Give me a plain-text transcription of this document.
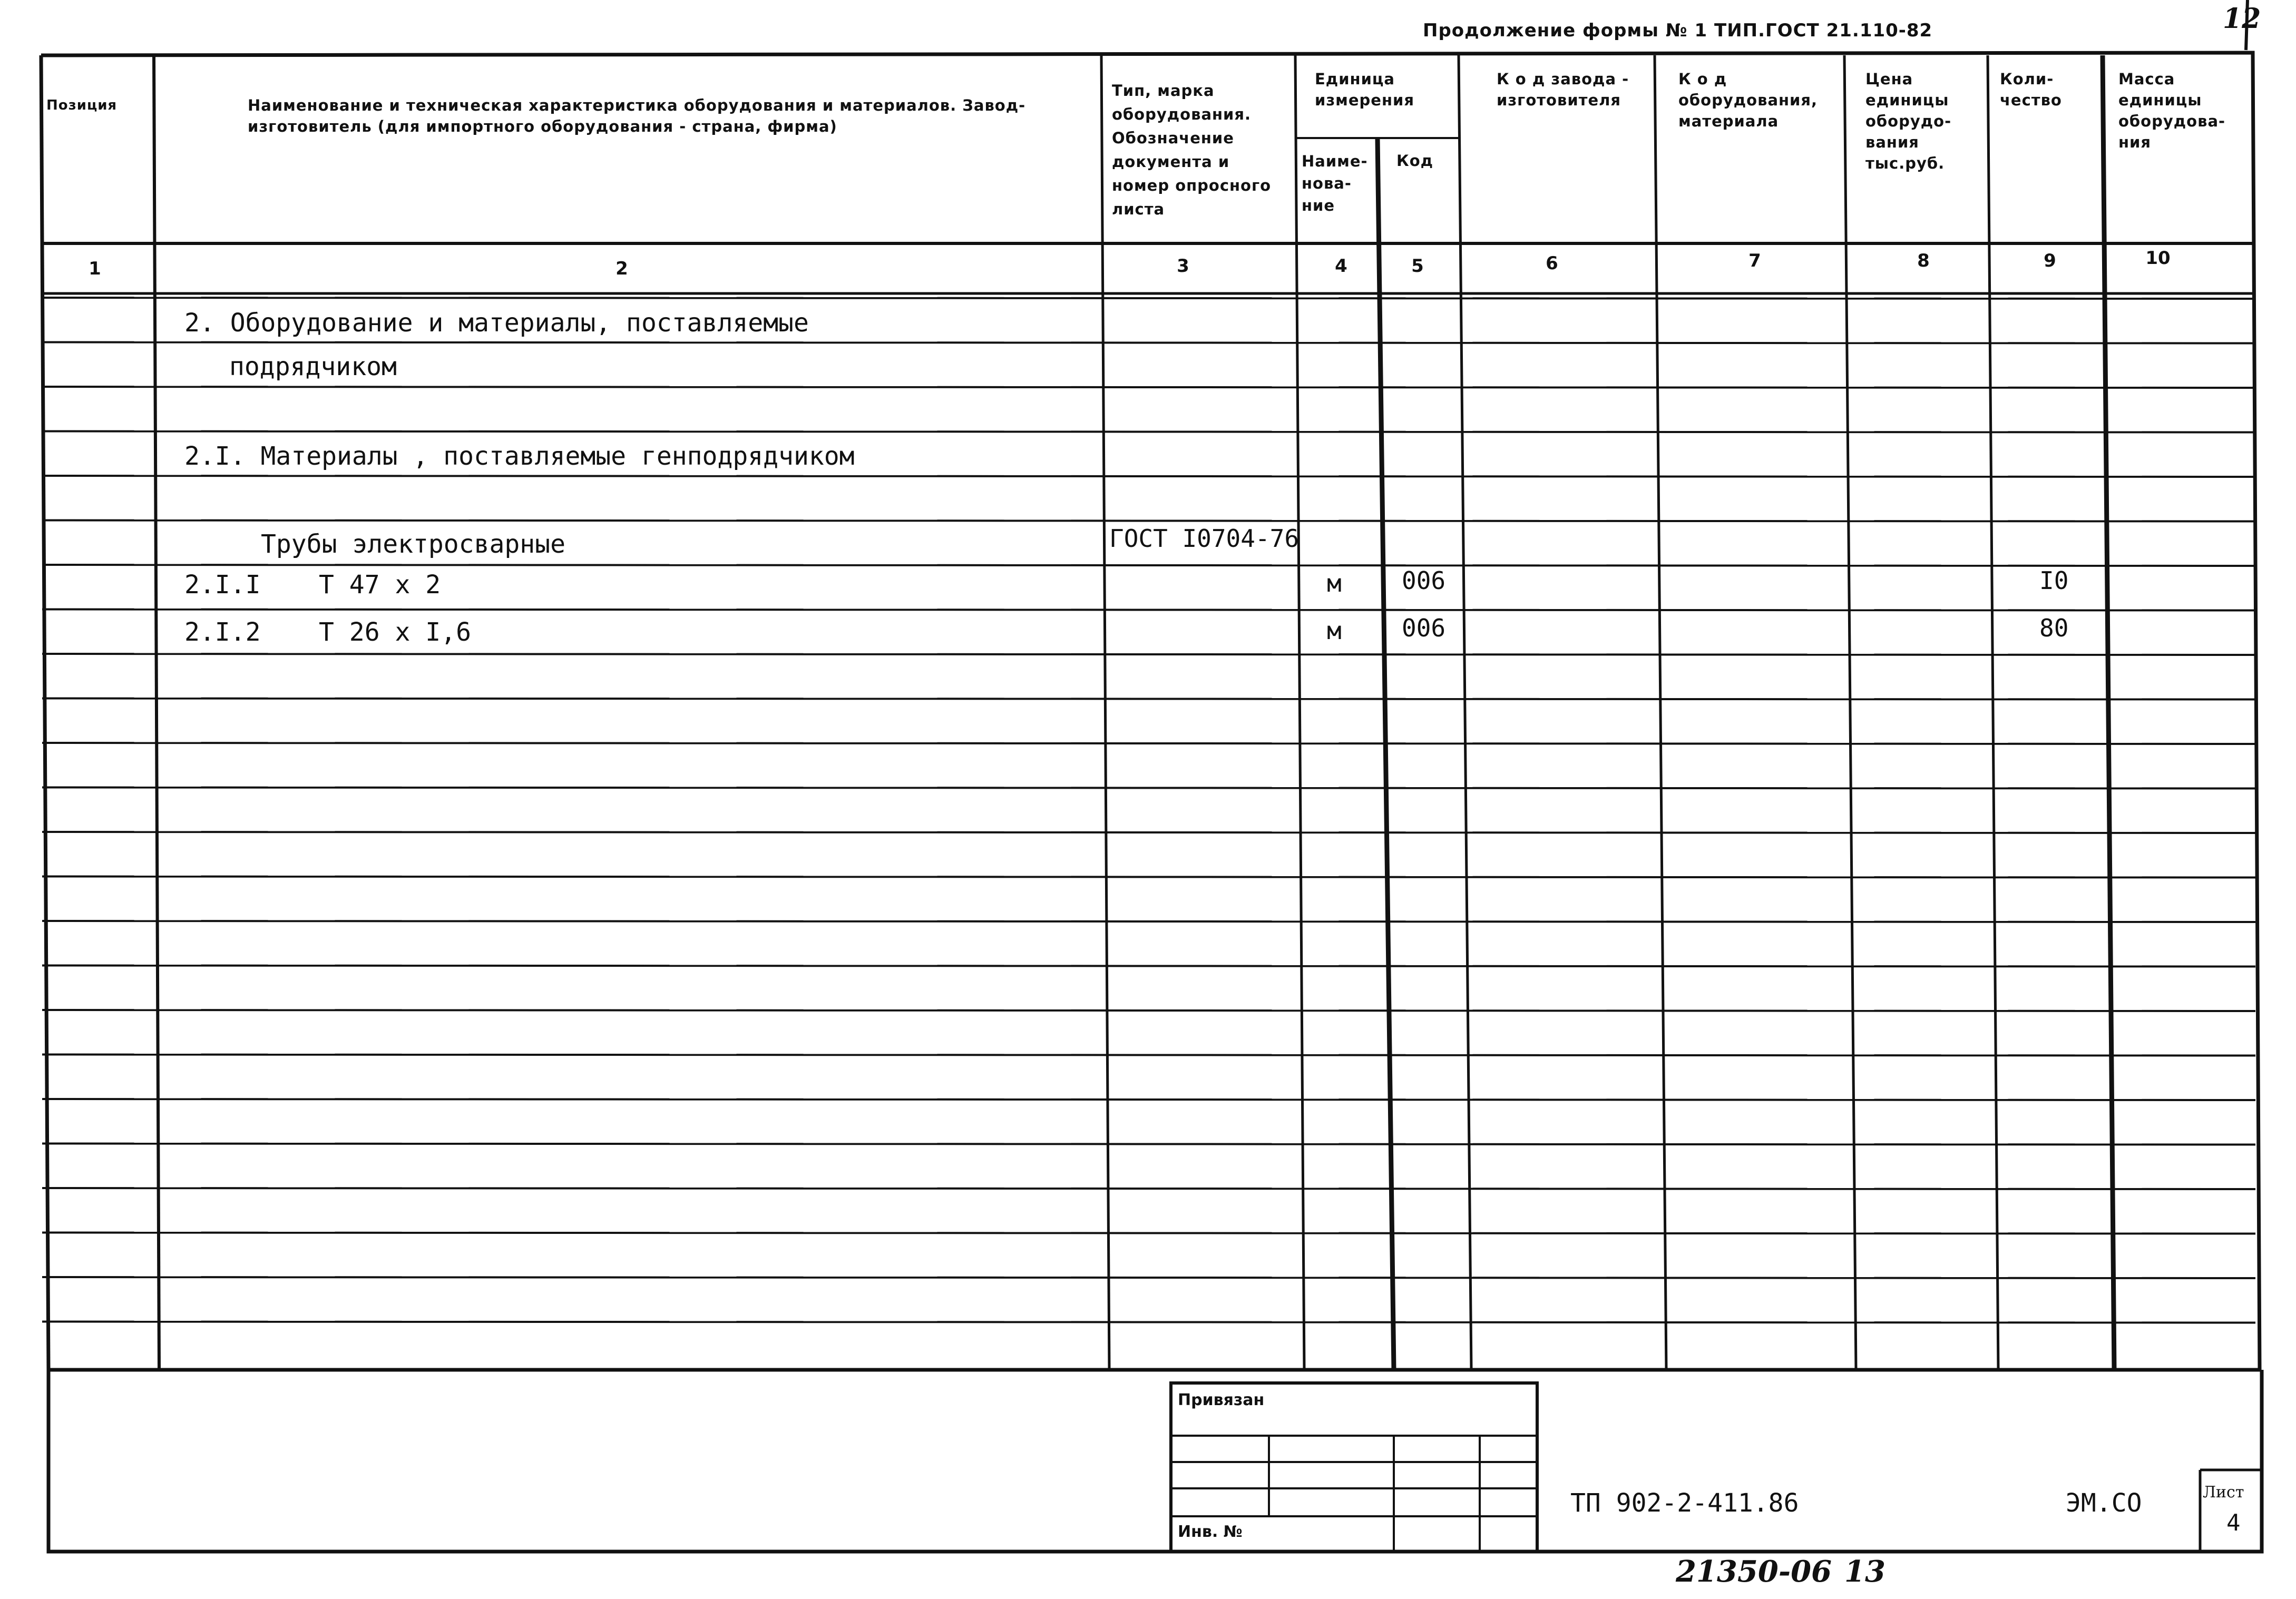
Продолжение формы № 1 ТИП.ГОСТ 21.110-82	12
Позиция	Наименование и техническая характеристика оборудования и материалов. Завод-изготовитель (для импортного оборудования - страна, фирма)
Тип, марка оборудования. Обозначение документа и номер опросного листа
Единица измерения
Наиме-нова-ние
Код
К о д завода - изготовителя
К о д оборудования, материала
Цена единицы оборудо-вания тыс.руб.
Коли-чество
Масса единицы оборудова-ния
1	2	3	4	5	6	7	8	9	10
2. Оборудование и материалы, поставляемые
подрядчиком
2.I. Материалы , поставляемые генподрядчиком
Трубы электросварные	ГОСТ I0704-76
2.I.I Т 47 х 2	м 006	I0
2.I.2 Т 26 х I,6	м 006	80
Привязан
Инв. №
ТП 902-2-411.86	ЭМ.СО	Лист
4
21350-06 13
